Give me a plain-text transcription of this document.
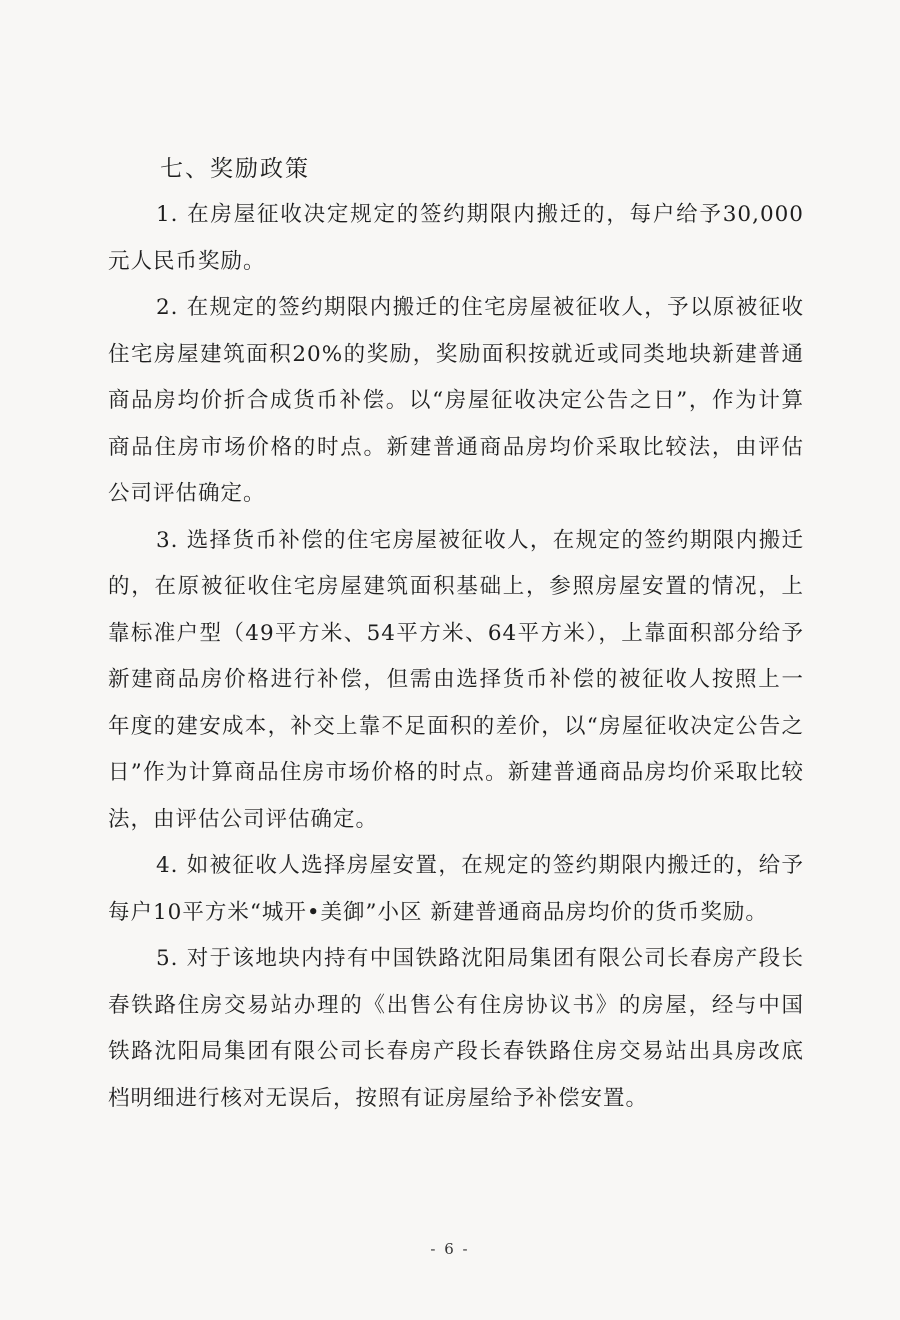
七、奖励政策

1. 在房屋征收决定规定的签约期限内搬迁的，每户给予30,000元人民币奖励。

2. 在规定的签约期限内搬迁的住宅房屋被征收人，予以原被征收住宅房屋建筑面积20%的奖励，奖励面积按就近或同类地块新建普通商品房均价折合成货币补偿。以“房屋征收决定公告之日”，作为计算商品住房市场价格的时点。新建普通商品房均价采取比较法，由评估公司评估确定。

3. 选择货币补偿的住宅房屋被征收人，在规定的签约期限内搬迁的，在原被征收住宅房屋建筑面积基础上，参照房屋安置的情况，上靠标准户型（49平方米、54平方米、64平方米），上靠面积部分给予新建商品房价格进行补偿，但需由选择货币补偿的被征收人按照上一年度的建安成本，补交上靠不足面积的差价，以“房屋征收决定公告之日”作为计算商品住房市场价格的时点。新建普通商品房均价采取比较法，由评估公司评估确定。

4. 如被征收人选择房屋安置，在规定的签约期限内搬迁的，给予每户10平方米“城开•美御”小区 新建普通商品房均价的货币奖励。

5. 对于该地块内持有中国铁路沈阳局集团有限公司长春房产段长春铁路住房交易站办理的《出售公有住房协议书》的房屋，经与中国铁路沈阳局集团有限公司长春房产段长春铁路住房交易站出具房改底档明细进行核对无误后，按照有证房屋给予补偿安置。

- 6 -
